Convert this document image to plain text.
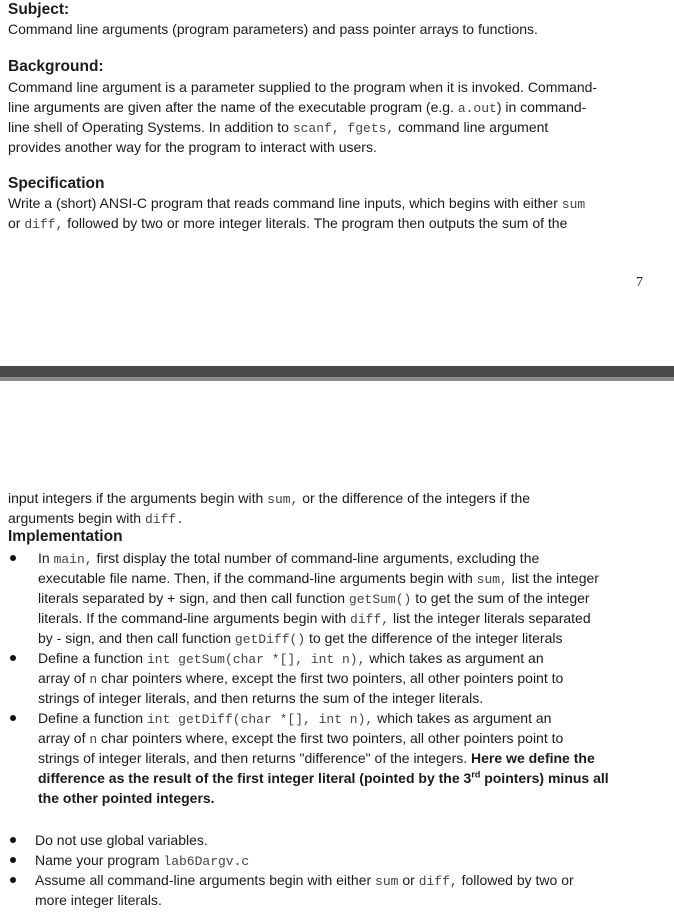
Subject:
Command line arguments (program parameters) and pass pointer arrays to functions.
Background:
Command line argument is a parameter supplied to the program when it is invoked. Command-
line arguments are given after the name of the executable program (e.g. a.out) in command-
line shell of Operating Systems. In addition to scanf, fgets, command line argument
provides another way for the program to interact with users.
Specification
Write a (short) ANSI-C program that reads command line inputs, which begins with either sum
or diff, followed by two or more integer literals. The program then outputs the sum of the
7
input integers if the arguments begin with sum, or the difference of the integers if the
arguments begin with diff.
Implementation
In main, first display the total number of command-line arguments, excluding the
executable file name. Then, if the command-line arguments begin with sum, list the integer
literals separated by + sign, and then call function getSum() to get the sum of the integer
literals. If the command-line arguments begin with diff, list the integer literals separated
by - sign, and then call function getDiff() to get the difference of the integer literals
Define a function int getSum(char *[], int n), which takes as argument an
array of n char pointers where, except the first two pointers, all other pointers point to
strings of integer literals, and then returns the sum of the integer literals.
Define a function int getDiff(char *[], int n), which takes as argument an
array of n char pointers where, except the first two pointers, all other pointers point to
strings of integer literals, and then returns "difference" of the integers. Here we define the
difference as the result of the first integer literal (pointed by the 3rd pointers) minus all
the other pointed integers.
Do not use global variables.
Name your program lab6Dargv.c
Assume all command-line arguments begin with either sum or diff, followed by two or
more integer literals.
